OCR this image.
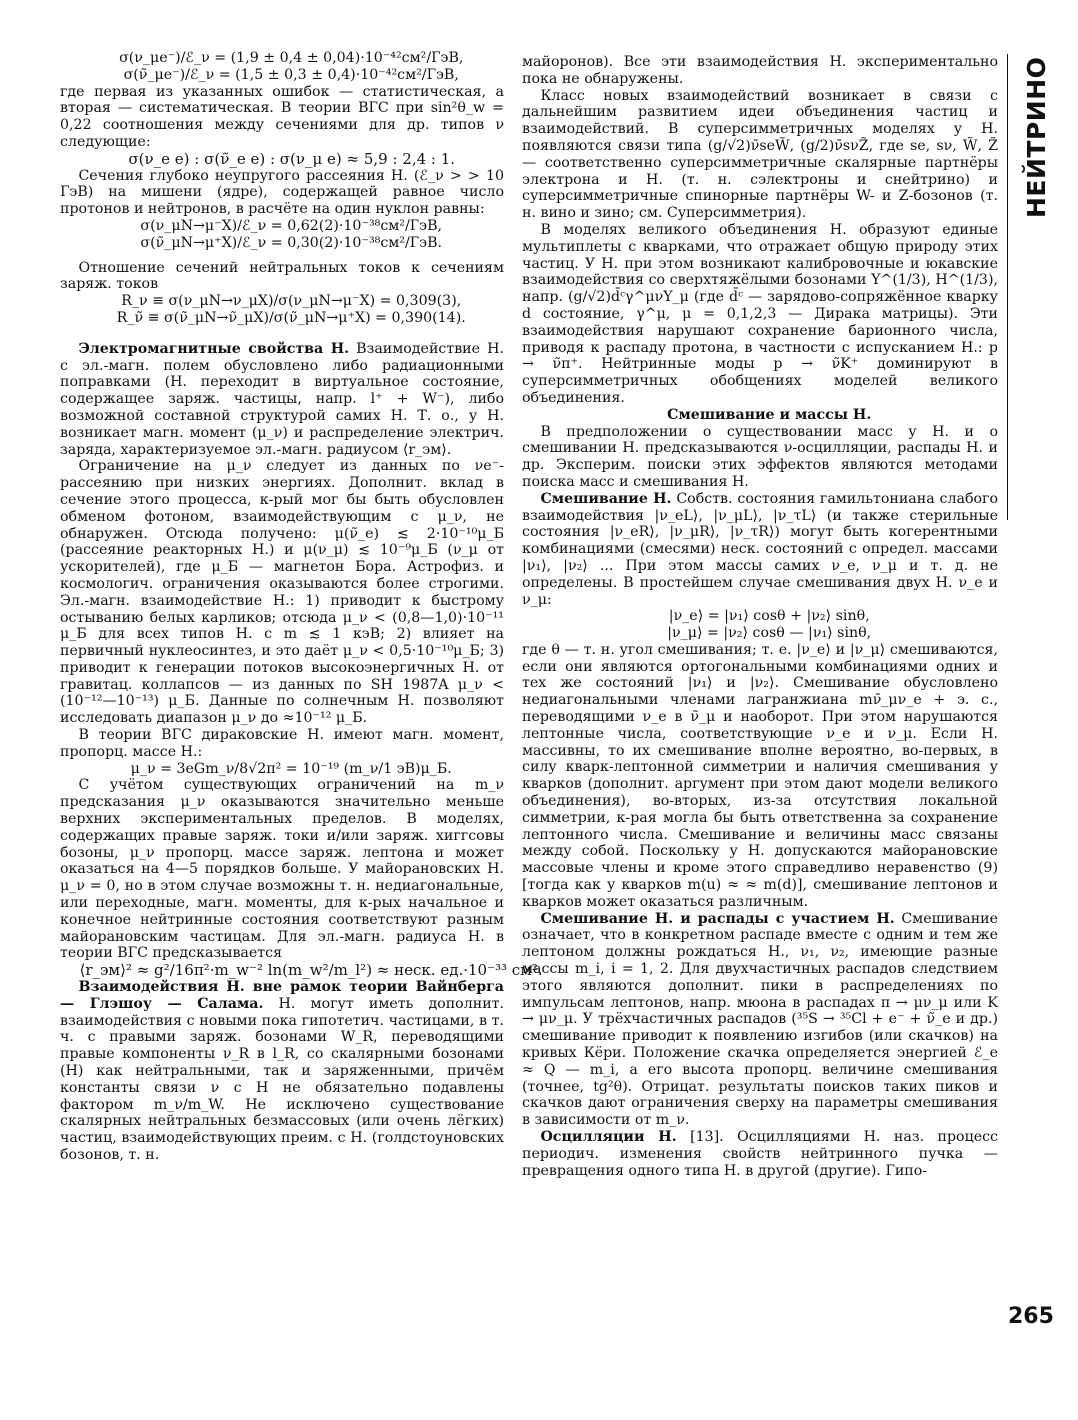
НЕЙТРИНО

σ(ν_μe⁻)/ℰ_ν = (1,9 ± 0,4 ± 0,04)·10⁻⁴²см²/ГэВ,

σ(ν̃_μe⁻)/ℰ_ν = (1,5 ± 0,3 ± 0,4)·10⁻⁴²см²/ГэВ,

где первая из указанных ошибок — статистическая, а вторая — систематическая. В теории ВГС при sin²θ_w = 0,22 соотношения между сечениями для др. типов ν следующие:

σ(ν_e e) : σ(ν̃_e e) : σ(ν_μ e) ≈ 5,9 : 2,4 : 1.

Сечения глубоко неупругого рассеяния Н. (ℰ_ν > > 10 ГэВ) на мишени (ядре), содержащей равное число протонов и нейтронов, в расчёте на один нуклон равны:

σ(ν_μN→μ⁻X)/ℰ_ν = 0,62(2)·10⁻³⁸см²/ГэВ,

σ(ν̃_μN→μ⁺X)/ℰ_ν = 0,30(2)·10⁻³⁸см²/ГэВ.

Отношение сечений нейтральных токов к сечениям заряж. токов

R_ν ≡ σ(ν_μN→ν_μX)/σ(ν_μN→μ⁻X) = 0,309(3),

R_ν̃ ≡ σ(ν̃_μN→ν̃_μX)/σ(ν̃_μN→μ⁺X) = 0,390(14).

Электромагнитные свойства Н. Взаимодействие Н. с эл.-магн. полем обусловлено либо радиационными поправками (Н. переходит в виртуальное состояние, содержащее заряж. частицы, напр. l⁺ + W⁻), либо возможной составной структурой самих Н. Т. о., у Н. возникает магн. момент (μ_ν) и распределение электрич. заряда, характеризуемое эл.-магн. радиусом ⟨r_эм⟩.

Ограничение на μ_ν следует из данных по νe⁻-рассеянию при низких энергиях. Дополнит. вклад в сечение этого процесса, к-рый мог бы быть обусловлен обменом фотоном, взаимодействующим с μ_ν, не обнаружен. Отсюда получено: μ(ν̃_e) ≲ 2·10⁻¹⁰μ_Б (рассеяние реакторных Н.) и μ(ν_μ) ≲ 10⁻⁹μ_Б (ν_μ от ускорителей), где μ_Б — магнетон Бора. Астрофиз. и космологич. ограничения оказываются более строгими. Эл.-магн. взаимодействие Н.: 1) приводит к быстрому остыванию белых карликов; отсюда μ_ν < (0,8—1,0)·10⁻¹¹ μ_Б для всех типов Н. с m ≲ 1 кэВ; 2) влияет на первичный нуклеосинтез, и это даёт μ_ν < 0,5·10⁻¹⁰μ_Б; 3) приводит к генерации потоков высокоэнергичных Н. от гравитац. коллапсов — из данных по SH 1987A μ_ν < (10⁻¹²—10⁻¹³) μ_Б. Данные по солнечным Н. позволяют исследовать диапазон μ_ν до ≈10⁻¹² μ_Б.

В теории ВГС дираковские Н. имеют магн. момент, пропорц. массе Н.:

μ_ν = 3eGm_ν/8√2π² = 10⁻¹⁹ (m_ν/1 эВ)μ_Б.

С учётом существующих ограничений на m_ν предсказания μ_ν оказываются значительно меньше верхних экспериментальных пределов. В моделях, содержащих правые заряж. токи и/или заряж. хиггсовы бозоны, μ_ν пропорц. массе заряж. лептона и может оказаться на 4—5 порядков больше. У майорановских Н. μ_ν = 0, но в этом случае возможны т. н. недиагональные, или переходные, магн. моменты, для к-рых начальное и конечное нейтринные состояния соответствуют разным майорановским частицам. Для эл.-магн. радиуса Н. в теории ВГС предсказывается

⟨r_эм⟩² ≈ g²/16π²·m_w⁻² ln(m_w²/m_l²) ≈ неск. ед.·10⁻³³ см².

Взаимодействия Н. вне рамок теории Вайнберга — Глэшоу — Салама. Н. могут иметь дополнит. взаимодействия с новыми пока гипотетич. частицами, в т. ч. с правыми заряж. бозонами W_R, переводящими правые компоненты ν_R в l_R, со скалярными бозонами (H) как нейтральными, так и заряженными, причём константы связи ν с H не обязательно подавлены фактором m_ν/m_W. Не исключено существование скалярных нейтральных безмассовых (или очень лёгких) частиц, взаимодействующих преим. с Н. (голдстоуновских бозонов, т. н.

майоронов). Все эти взаимодействия Н. экспериментально пока не обнаружены.

Класс новых взаимодействий возникает в связи с дальнейшим развитием идеи объединения частиц и взаимодействий. В суперсимметричных моделях у Н. появляются связи типа (g/√2)ν̄seW̃, (g/2)ν̄sνZ̃, где se, sν, W̃, Z̃ — соответственно суперсимметричные скалярные партнёры электрона и Н. (т. н. сэлектроны и снейтрино) и суперсимметричные спинорные партнёры W- и Z-бозонов (т. н. вино и зино; см. Суперсимметрия).

В моделях великого объединения Н. образуют единые мультиплеты с кварками, что отражает общую природу этих частиц. У Н. при этом возникают калибровочные и юкавские взаимодействия со сверхтяжёлыми бозонами Y^(1/3), H^(1/3), напр. (g/√2)d̄ᶜγ^μνY_μ (где d̄ᶜ — зарядово-сопряжённое кварку d состояние, γ^μ, μ = 0,1,2,3 — Дирака матрицы). Эти взаимодействия нарушают сохранение барионного числа, приводя к распаду протона, в частности с испусканием Н.: p → ν̃π⁺. Нейтринные моды p → ν̃K⁺ доминируют в суперсимметричных обобщениях моделей великого объединения.

Смешивание и массы Н.

В предположении о существовании масс у Н. и о смешивании Н. предсказываются ν-осцилляции, распады Н. и др. Эксперим. поиски этих эффектов являются методами поиска масс и смешивания Н.

Смешивание Н. Собств. состояния гамильтониана слабого взаимодействия |ν_eL⟩, |ν_μL⟩, |ν_τL⟩ (и также стерильные состояния |ν_eR⟩, |ν_μR⟩, |ν_τR⟩) могут быть когерентными комбинациями (смесями) неск. состояний с определ. массами |ν₁⟩, |ν₂⟩ ... При этом массы самих ν_e, ν_μ и т. д. не определены. В простейшем случае смешивания двух Н. ν_e и ν_μ:

|ν_e⟩ = |ν₁⟩ cosθ + |ν₂⟩ sinθ,

|ν_μ⟩ = |ν₂⟩ cosθ — |ν₁⟩ sinθ,

где θ — т. н. угол смешивания; т. е. |ν_e⟩ и |ν_μ⟩ смешиваются, если они являются ортогональными комбинациями одних и тех же состояний |ν₁⟩ и |ν₂⟩. Смешивание обусловлено недиагональными членами лагранжиана mν̄_μν_e + э. с., переводящими ν_e в ν̃_μ и наоборот. При этом нарушаются лептонные числа, соответствующие ν_e и ν_μ. Если Н. массивны, то их смешивание вполне вероятно, во-первых, в силу кварк-лептонной симметрии и наличия смешивания у кварков (дополнит. аргумент при этом дают модели великого объединения), во-вторых, из-за отсутствия локальной симметрии, к-рая могла бы быть ответственна за сохранение лептонного числа. Смешивание и величины масс связаны между собой. Поскольку у Н. допускаются майорановские массовые члены и кроме этого справедливо неравенство (9) [тогда как у кварков m(u) ≈ ≈ m(d)], смешивание лептонов и кварков может оказаться различным.

Смешивание Н. и распады с участием Н. Смешивание означает, что в конкретном распаде вместе с одним и тем же лептоном должны рождаться Н., ν₁, ν₂, имеющие разные массы m_i, i = 1, 2. Для двухчастичных распадов следствием этого являются дополнит. пики в распределениях по импульсам лептонов, напр. мюона в распадах π → μν_μ или K → μν_μ. У трёхчастичных распадов (³⁵S → ³⁵Cl + e⁻ + ν̃_e и др.) смешивание приводит к появлению изгибов (или скачков) на кривых Кёри. Положение скачка определяется энергией ℰ_e ≈ Q — m_i, а его высота пропорц. величине смешивания (точнее, tg²θ). Отрицат. результаты поисков таких пиков и скачков дают ограничения сверху на параметры смешивания в зависимости от m_ν.

Осцилляции Н. [13]. Осцилляциями Н. наз. процесс периодич. изменения свойств нейтринного пучка — превращения одного типа Н. в другой (другие). Гипо-

265
